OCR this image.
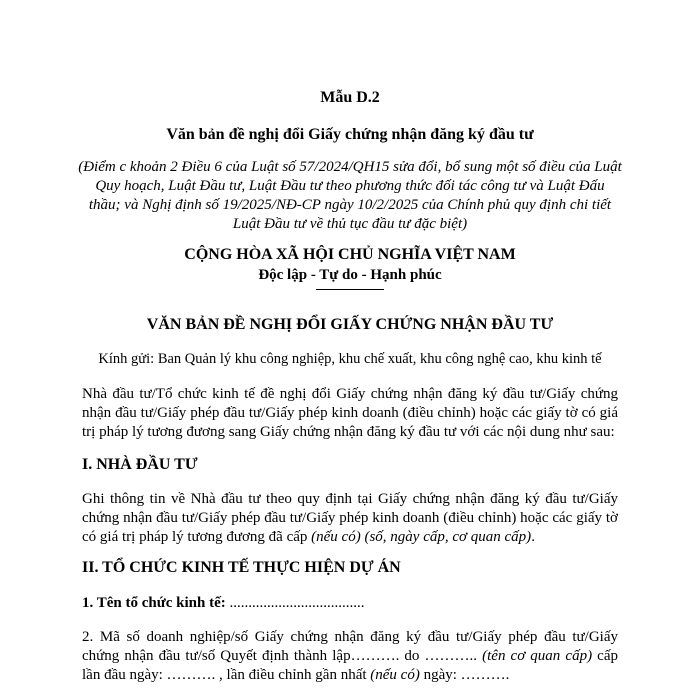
Mẫu D.2
Văn bản đề nghị đổi Giấy chứng nhận đăng ký đầu tư
(Điểm c khoản 2 Điều 6 của Luật số 57/2024/QH15 sửa đổi, bổ sung một số điều của Luật Quy hoạch, Luật Đầu tư, Luật Đầu tư theo phương thức đối tác công tư và Luật Đấu thầu; và Nghị định số 19/2025/NĐ-CP ngày 10/2/2025 của Chính phủ quy định chi tiết Luật Đầu tư về thủ tục đầu tư đặc biệt)
CỘNG HÒA XÃ HỘI CHỦ NGHĨA VIỆT NAM
Độc lập - Tự do - Hạnh phúc
VĂN BẢN ĐỀ NGHỊ ĐỔI GIẤY CHỨNG NHẬN ĐẦU TƯ
Kính gửi: Ban Quản lý khu công nghiệp, khu chế xuất, khu công nghệ cao, khu kinh tế
Nhà đầu tư/Tổ chức kinh tế đề nghị đổi Giấy chứng nhận đăng ký đầu tư/Giấy chứng nhận đầu tư/Giấy phép đầu tư/Giấy phép kinh doanh (điều chỉnh) hoặc các giấy tờ có giá trị pháp lý tương đương sang Giấy chứng nhận đăng ký đầu tư với các nội dung như sau:
I. NHÀ ĐẦU TƯ
Ghi thông tin về Nhà đầu tư theo quy định tại Giấy chứng nhận đăng ký đầu tư/Giấy chứng nhận đầu tư/Giấy phép đầu tư/Giấy phép kinh doanh (điều chỉnh) hoặc các giấy tờ có giá trị pháp lý tương đương đã cấp (nếu có) (số, ngày cấp, cơ quan cấp).
II. TỔ CHỨC KINH TẾ THỰC HIỆN DỰ ÁN
1. Tên tổ chức kinh tế: ....................................
2. Mã số doanh nghiệp/số Giấy chứng nhận đăng ký đầu tư/Giấy phép đầu tư/Giấy chứng nhận đầu tư/số Quyết định thành lập………. do ……….. (tên cơ quan cấp) cấp lần đầu ngày: ………. , lần điều chỉnh gần nhất (nếu có) ngày: ……….
